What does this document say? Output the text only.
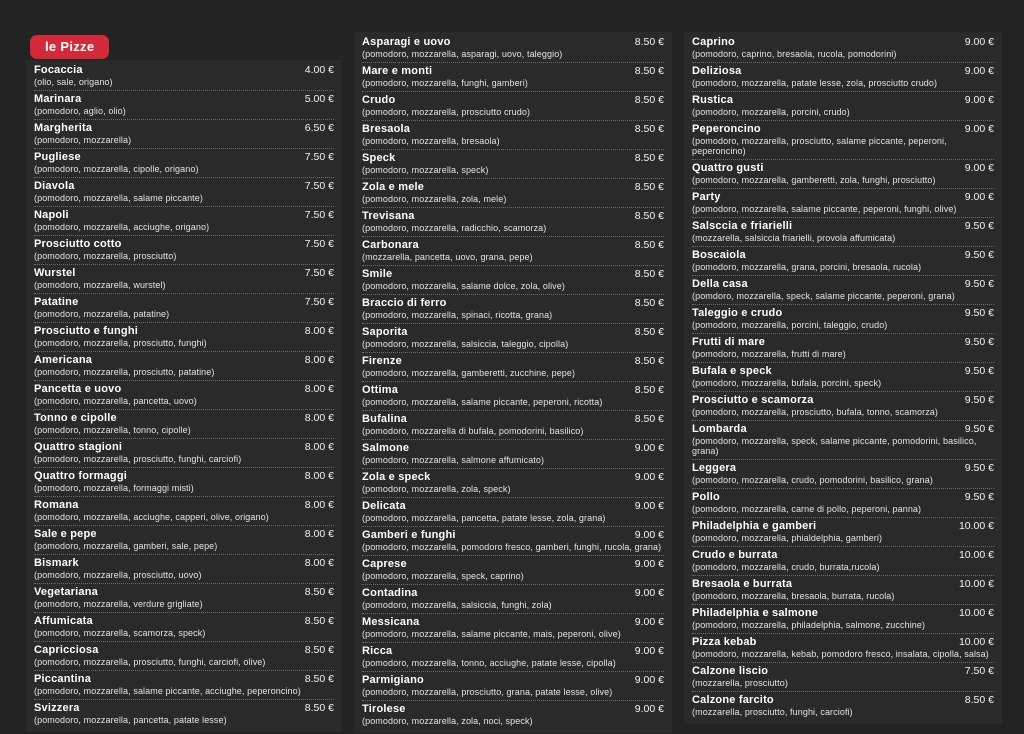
le Pizze
Focaccia	4.00 €
(olio, sale, origano)
Marinara	5.00 €
(pomodoro, aglio, olio)
Margherita	6.50 €
(pomodoro, mozzarella)
Pugliese	7.50 €
(pomodoro, mozzarella, cipolle, origano)
Diavola	7.50 €
(pomodoro, mozzarella, salame piccante)
Napoli	7.50 €
(pomodoro, mozzarella, acciughe, origano)
Prosciutto cotto	7.50 €
(pomodoro, mozzarella, prosciutto)
Wurstel	7.50 €
(pomodoro, mozzarella, wurstel)
Patatine	7.50 €
(pomodoro, mozzarella, patatine)
Prosciutto e funghi	8.00 €
(pomodoro, mozzarella, prosciutto, funghi)
Americana	8.00 €
(pomodoro, mozzarella, prosciutto, patatine)
Pancetta e uovo	8.00 €
(pomodoro, mozzarella, pancetta, uovo)
Tonno e cipolle	8.00 €
(pomodoro, mozzarella, tonno, cipolle)
Quattro stagioni	8.00 €
(pomodoro, mozzarella, prosciutto, funghi, carciofi)
Quattro formaggi	8.00 €
(pomodoro, mozzarella, formaggi misti)
Romana	8.00 €
(pomodoro, mozzarella, acciughe, capperi, olive, origano)
Sale e pepe	8.00 €
(pomodoro, mozzarella, gamberi, sale, pepe)
Bismark	8.00 €
(pomodoro, mozzarella, prosciutto, uovo)
Vegetariana	8.50 €
(pomodoro, mozzarella, verdure grigliate)
Affumicata	8.50 €
(pomodoro, mozzarella, scamorza, speck)
Capricciosa	8.50 €
(pomodoro, mozzarella, prosciutto, funghi, carciofi, olive)
Piccantina	8.50 €
(pomodoro, mozzarella, salame piccante, acciughe, peperoncino)
Svizzera	8.50 €
(pomodoro, mozzarella, pancetta, patate lesse)
Asparagi e uovo	8.50 €
(pomodoro, mozzarella, asparagi, uovo, taleggio)
Mare e monti	8.50 €
(pomodoro, mozzarella, funghi, gamberi)
Crudo	8.50 €
(pomodoro, mozzarella, prosciutto crudo)
Bresaola	8.50 €
(pomodoro, mozzarella, bresaola)
Speck	8.50 €
(pomodoro, mozzarella, speck)
Zola e mele	8.50 €
(pomodoro, mozzarella, zola, mele)
Trevisana	8.50 €
(pomodoro, mozzarella, radicchio, scamorza)
Carbonara	8.50 €
(mozzarella, pancetta, uovo, grana, pepe)
Smile	8.50 €
(pomodoro, mozzarella, salame dolce, zola, olive)
Braccio di ferro	8.50 €
(pomodoro, mozzarella, spinaci, ricotta, grana)
Saporita	8.50 €
(pomodoro, mozzarella, salsiccia, taleggio, cipolla)
Firenze	8.50 €
(pomodoro, mozzarella, gamberetti, zucchine, pepe)
Ottima	8.50 €
(pomodoro, mozzarella, salame piccante, peperoni, ricotta)
Bufalina	8.50 €
(pomodoro, mozzarella di bufala, pomodorini, basilico)
Salmone	9.00 €
(pomodoro, mozzarella, salmone affumicato)
Zola e speck	9.00 €
(pomodoro, mozzarella, zola, speck)
Delicata	9.00 €
(pomodoro, mozzarella, pancetta, patate lesse, zola, grana)
Gamberi e funghi	9.00 €
(pomodoro, mozzarella, pomodoro fresco, gamberi, funghi, rucola, grana)
Caprese	9.00 €
(pomodoro, mozzarella, speck, caprino)
Contadina	9.00 €
(pomodoro, mozzarella, salsiccia, funghi, zola)
Messicana	9.00 €
(pomodoro, mozzarella, salame piccante, mais, peperoni, olive)
Ricca	9.00 €
(pomodoro, mozzarella, tonno, acciughe, patate lesse, cipolla)
Parmigiano	9.00 €
(pomodoro, mozzarella, prosciutto, grana, patate lesse, olive)
Tirolese	9.00 €
(pomodoro, mozzarella, zola, noci, speck)
Caprino	9.00 €
(pomodoro, caprino, bresaola, rucola, pomodorini)
Deliziosa	9.00 €
(pomodoro, mozzarella, patate lesse, zola, prosciutto crudo)
Rustica	9.00 €
(pomodoro, mozzarella, porcini, crudo)
Peperoncino	9.00 €
(pomodoro, mozzarella, prosciutto, salame piccante, peperoni, peperoncino)
Quattro gusti	9.00 €
(pomodoro, mozzarella, gamberetti, zola, funghi, prosciutto)
Party	9.00 €
(pomodoro, mozzarella, salame piccante, peperoni, funghi, olive)
Salsccia e friarielli	9.50 €
(mozzarella, salsiccia friarielli, provola affumicata)
Boscaiola	9.50 €
(pomodoro, mozzarella, grana, porcini, bresaola, rucola)
Della casa	9.50 €
(pomdoro, mozzarella, speck, salame piccante, peperoni, grana)
Taleggio e crudo	9.50 €
(pomodoro, mozzarella, porcini, taleggio, crudo)
Frutti di mare	9.50 €
(pomodoro, mozzarella, frutti di mare)
Bufala e speck	9.50 €
(pomodoro, mozzarella, bufala, porcini, speck)
Prosciutto e scamorza	9.50 €
(pomodoro, mozzarella, prosciutto, bufala, tonno, scamorza)
Lombarda	9.50 €
(pomodoro, mozzarella, speck, salame piccante, pomodorini, basilico, grana)
Leggera	9.50 €
(pomodoro, mozzarella, crudo, pomodorini, basilico, grana)
Pollo	9.50 €
(pomodoro, mozzarella, carne di pollo, peperoni, panna)
Philadelphia e gamberi	10.00 €
(pomodoro, mozzarella, phialdelphia, gamberi)
Crudo e burrata	10.00 €
(pomodoro, mozzarella, crudo, burrata,rucola)
Bresaola e burrata	10.00 €
(pomodoro, mozzarella, bresaola, burrata, rucola)
Philadelphia e salmone	10.00 €
(pomodoro, mozzarella, philadelphia, salmone, zucchine)
Pizza kebab	10.00 €
(pomodoro, mozzarella, kebab, pomodoro fresco, insalata, cipolla, salsa)
Calzone liscio	7.50 €
(mozzarella, prosciutto)
Calzone farcito	8.50 €
(mozzarella, prosciutto, funghi, carciofi)
